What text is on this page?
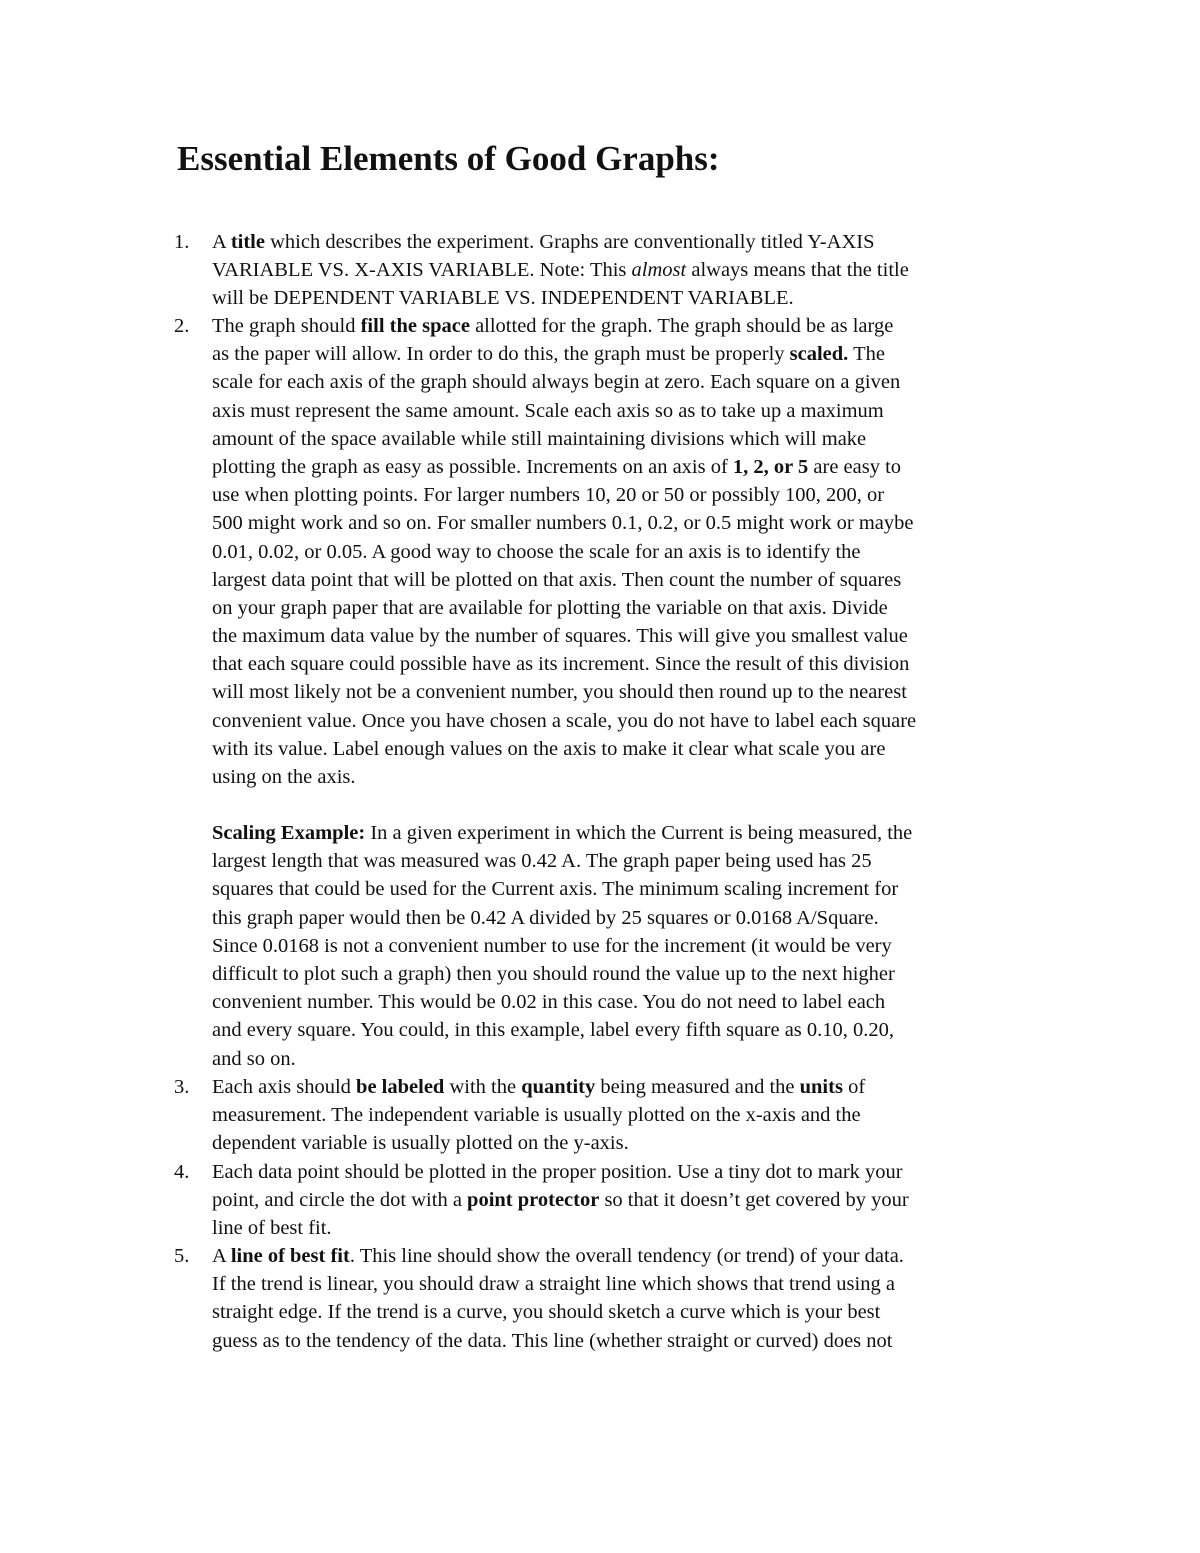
Essential Elements of Good Graphs:
1.	A title which describes the experiment. Graphs are conventionally titled Y-AXIS
VARIABLE VS. X-AXIS VARIABLE. Note: This almost always means that the title
will be DEPENDENT VARIABLE VS. INDEPENDENT VARIABLE.
2.	The graph should fill the space allotted for the graph. The graph should be as large
as the paper will allow. In order to do this, the graph must be properly scaled. The
scale for each axis of the graph should always begin at zero. Each square on a given
axis must represent the same amount. Scale each axis so as to take up a maximum
amount of the space available while still maintaining divisions which will make
plotting the graph as easy as possible. Increments on an axis of 1, 2, or 5 are easy to
use when plotting points. For larger numbers 10, 20 or 50 or possibly 100, 200, or
500 might work and so on. For smaller numbers 0.1, 0.2, or 0.5 might work or maybe
0.01, 0.02, or 0.05. A good way to choose the scale for an axis is to identify the
largest data point that will be plotted on that axis. Then count the number of squares
on your graph paper that are available for plotting the variable on that axis. Divide
the maximum data value by the number of squares. This will give you smallest value
that each square could possible have as its increment. Since the result of this division
will most likely not be a convenient number, you should then round up to the nearest
convenient value. Once you have chosen a scale, you do not have to label each square
with its value. Label enough values on the axis to make it clear what scale you are
using on the axis.
Scaling Example: In a given experiment in which the Current is being measured, the
largest length that was measured was 0.42 A. The graph paper being used has 25
squares that could be used for the Current axis. The minimum scaling increment for
this graph paper would then be 0.42 A divided by 25 squares or 0.0168 A/Square.
Since 0.0168 is not a convenient number to use for the increment (it would be very
difficult to plot such a graph) then you should round the value up to the next higher
convenient number. This would be 0.02 in this case. You do not need to label each
and every square. You could, in this example, label every fifth square as 0.10, 0.20,
and so on.
3.	Each axis should be labeled with the quantity being measured and the units of
measurement. The independent variable is usually plotted on the x-axis and the
dependent variable is usually plotted on the y-axis.
4.	Each data point should be plotted in the proper position. Use a tiny dot to mark your
point, and circle the dot with a point protector so that it doesn’t get covered by your
line of best fit.
5.	A line of best fit. This line should show the overall tendency (or trend) of your data.
If the trend is linear, you should draw a straight line which shows that trend using a
straight edge. If the trend is a curve, you should sketch a curve which is your best
guess as to the tendency of the data. This line (whether straight or curved) does not
